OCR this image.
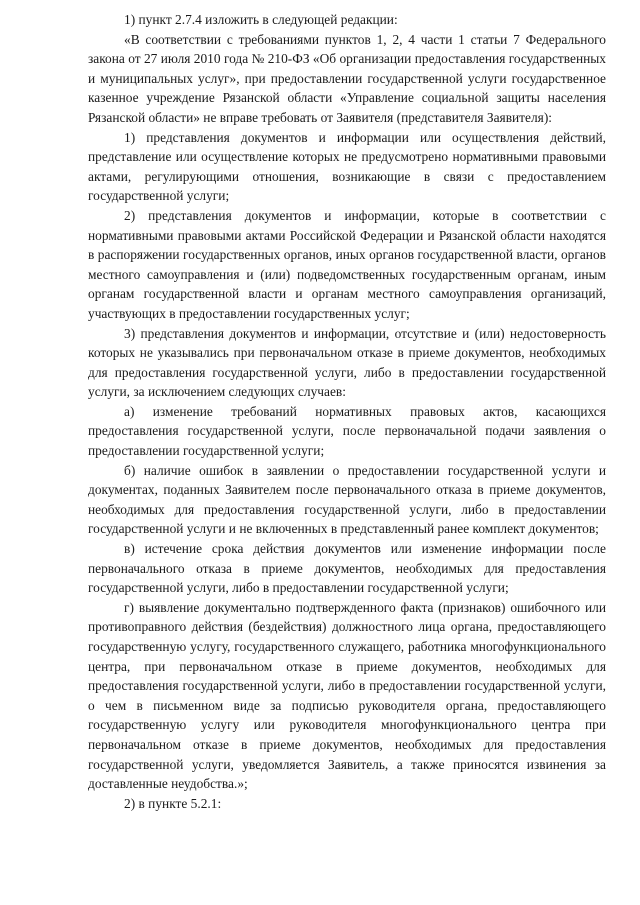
1) пункт 2.7.4 изложить в следующей редакции:

«В соответствии с требованиями пунктов 1, 2, 4 части 1 статьи 7 Федерального закона от 27 июля 2010 года № 210-ФЗ «Об организации предоставления государственных и муниципальных услуг», при предоставлении государственной услуги государственное казенное учреждение Рязанской области «Управление социальной защиты населения Рязанской области» не вправе требовать от Заявителя (представителя Заявителя):

1) представления документов и информации или осуществления действий, представление или осуществление которых не предусмотрено нормативными правовыми актами, регулирующими отношения, возникающие в связи с предоставлением государственной услуги;

2) представления документов и информации, которые в соответствии с нормативными правовыми актами Российской Федерации и Рязанской области находятся в распоряжении государственных органов, иных органов государственной власти, органов местного самоуправления и (или) подведомственных государственным органам, иным органам государственной власти и органам местного самоуправления организаций, участвующих в предоставлении государственных услуг;

3) представления документов и информации, отсутствие и (или) недостоверность которых не указывались при первоначальном отказе в приеме документов, необходимых для предоставления государственной услуги, либо в предоставлении государственной услуги, за исключением следующих случаев:

а) изменение требований нормативных правовых актов, касающихся предоставления государственной услуги, после первоначальной подачи заявления о предоставлении государственной услуги;

б) наличие ошибок в заявлении о предоставлении государственной услуги и документах, поданных Заявителем после первоначального отказа в приеме документов, необходимых для предоставления государственной услуги, либо в предоставлении государственной услуги и не включенных в представленный ранее комплект документов;

в) истечение срока действия документов или изменение информации после первоначального отказа в приеме документов, необходимых для предоставления государственной услуги, либо в предоставлении государственной услуги;

г) выявление документально подтвержденного факта (признаков) ошибочного или противоправного действия (бездействия) должностного лица органа, предоставляющего государственную услугу, государственного служащего, работника многофункционального центра, при первоначальном отказе в приеме документов, необходимых для предоставления государственной услуги, либо в предоставлении государственной услуги, о чем в письменном виде за подписью руководителя органа, предоставляющего государственную услугу или руководителя многофункционального центра при первоначальном отказе в приеме документов, необходимых для предоставления государственной услуги, уведомляется Заявитель, а также приносятся извинения за доставленные неудобства.»;

2) в пункте 5.2.1:
